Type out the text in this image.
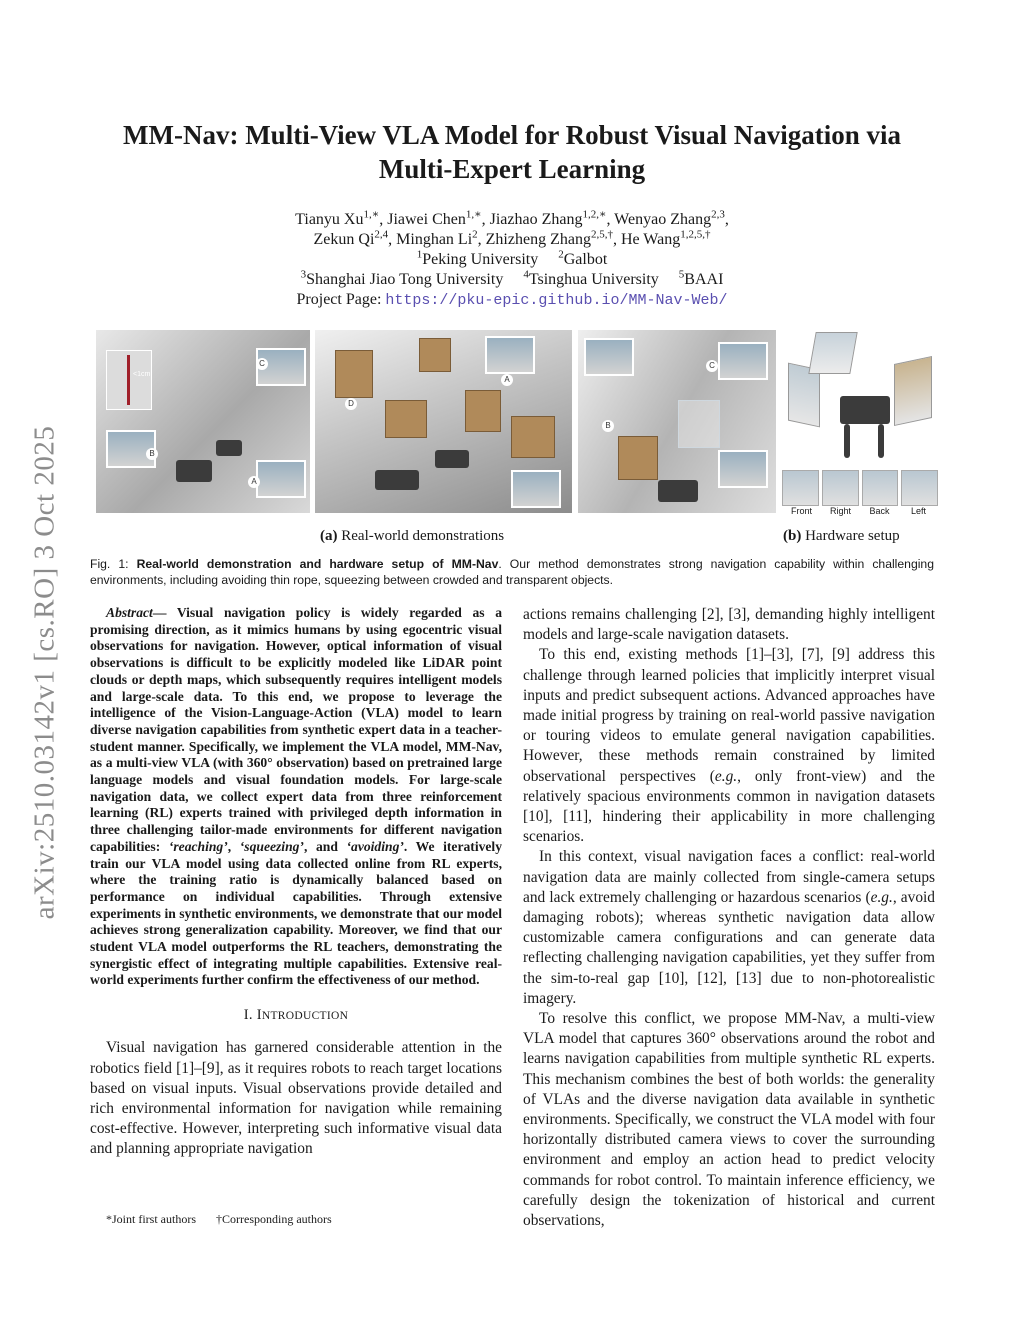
arXiv:2510.03142v1 [cs.RO] 3 Oct 2025
MM-Nav: Multi-View VLA Model for Robust Visual Navigation via
Multi-Expert Learning
Tianyu $Xu^{1,∗}$, Jiawei Chen$^{1,∗}$, Jiazhao Zhang$^{1,2,∗}$, Wenyao Zhang$^{2,3}$,
Zekun Qi$^{2,4}$, Minghan Li$^2$, Zhizheng Zhang$^{2,5,\dagger}$, He Wang$^{1,2,5,\dagger}$
$^1$Peking University $^2$Galbot
$^3$Shanghai Jiao Tong University $^4$Tsinghua University $^5$BAAI
Project Page: https://pku-epic.github.io/MM-Nav-Web/
<1cm
C
B
A
D
A
C
B
Front	Right	Back	Left
(a) Real-world demonstrations	(b) Hardware setup
Fig. 1: Real-world demonstration and hardware setup of MM-Nav. Our method demonstrates strong navigation capability within challenging environments, including avoiding thin rope, squeezing between crowded and transparent objects.

Abstract— Visual navigation policy is widely regarded as a promising direction, as it mimics humans by using egocentric visual observations for navigation. However, optical information of visual observations is difficult to be explicitly modeled like LiDAR point clouds or depth maps, which subsequently requires intelligent models and large-scale data. To this end, we propose to leverage the intelligence of the Vision-Language-Action (VLA) model to learn diverse navigation capabilities from synthetic expert data in a teacher-student manner. Specifically, we implement the VLA model, MM-Nav, as a multi-view VLA (with 360° observation) based on pretrained large language models and visual foundation models. For large-scale navigation data, we collect expert data from three reinforcement learning (RL) experts trained with privileged depth information in three challenging tailor-made environments for different navigation capabilities: ‘reaching’, ‘squeezing’, and ‘avoiding’. We iteratively train our VLA model using data collected online from RL experts, where the training ratio is dynamically balanced based on performance on individual capabilities. Through extensive experiments in synthetic environments, we demonstrate that our model achieves strong generalization capability. Moreover, we find that our student VLA model outperforms the RL teachers, demonstrating the synergistic effect of integrating multiple capabilities. Extensive real-world experiments further confirm the effectiveness of our method.

I. INTRODUCTION

Visual navigation has garnered considerable attention in the robotics field [1]–[9], as it requires robots to reach target locations based on visual inputs. Visual observations provide detailed and rich environmental information for navigation while remaining cost-effective. However, interpreting such informative visual data and planning appropriate navigation

*Joint first authors †Corresponding authors

actions remains challenging [2], [3], demanding highly intelligent models and large-scale navigation datasets.

To this end, existing methods [1]–[3], [7], [9] address this challenge through learned policies that implicitly interpret visual inputs and predict subsequent actions. Advanced approaches have made initial progress by training on real-world passive navigation or touring videos to emulate general navigation capabilities. However, these methods remain constrained by limited observational perspectives (e.g., only front-view) and the relatively spacious environments common in navigation datasets [10], [11], hindering their applicability in more challenging scenarios.

In this context, visual navigation faces a conflict: real-world navigation data are mainly collected from single-camera setups and lack extremely challenging or hazardous scenarios (e.g., avoid damaging robots); whereas synthetic navigation data allow customizable camera configurations and can generate data reflecting challenging navigation capabilities, yet they suffer from the sim-to-real gap [10], [12], [13] due to non-photorealistic imagery.

To resolve this conflict, we propose MM-Nav, a multi-view VLA model that captures 360° observations around the robot and learns navigation capabilities from multiple synthetic RL experts. This mechanism combines the best of both worlds: the generality of VLAs and the diverse navigation data available in synthetic environments. Specifically, we construct the VLA model with four horizontally distributed camera views to cover the surrounding environment and employ an action head to predict velocity commands for robot control. To maintain inference efficiency, we carefully design the tokenization of historical and current observations,
